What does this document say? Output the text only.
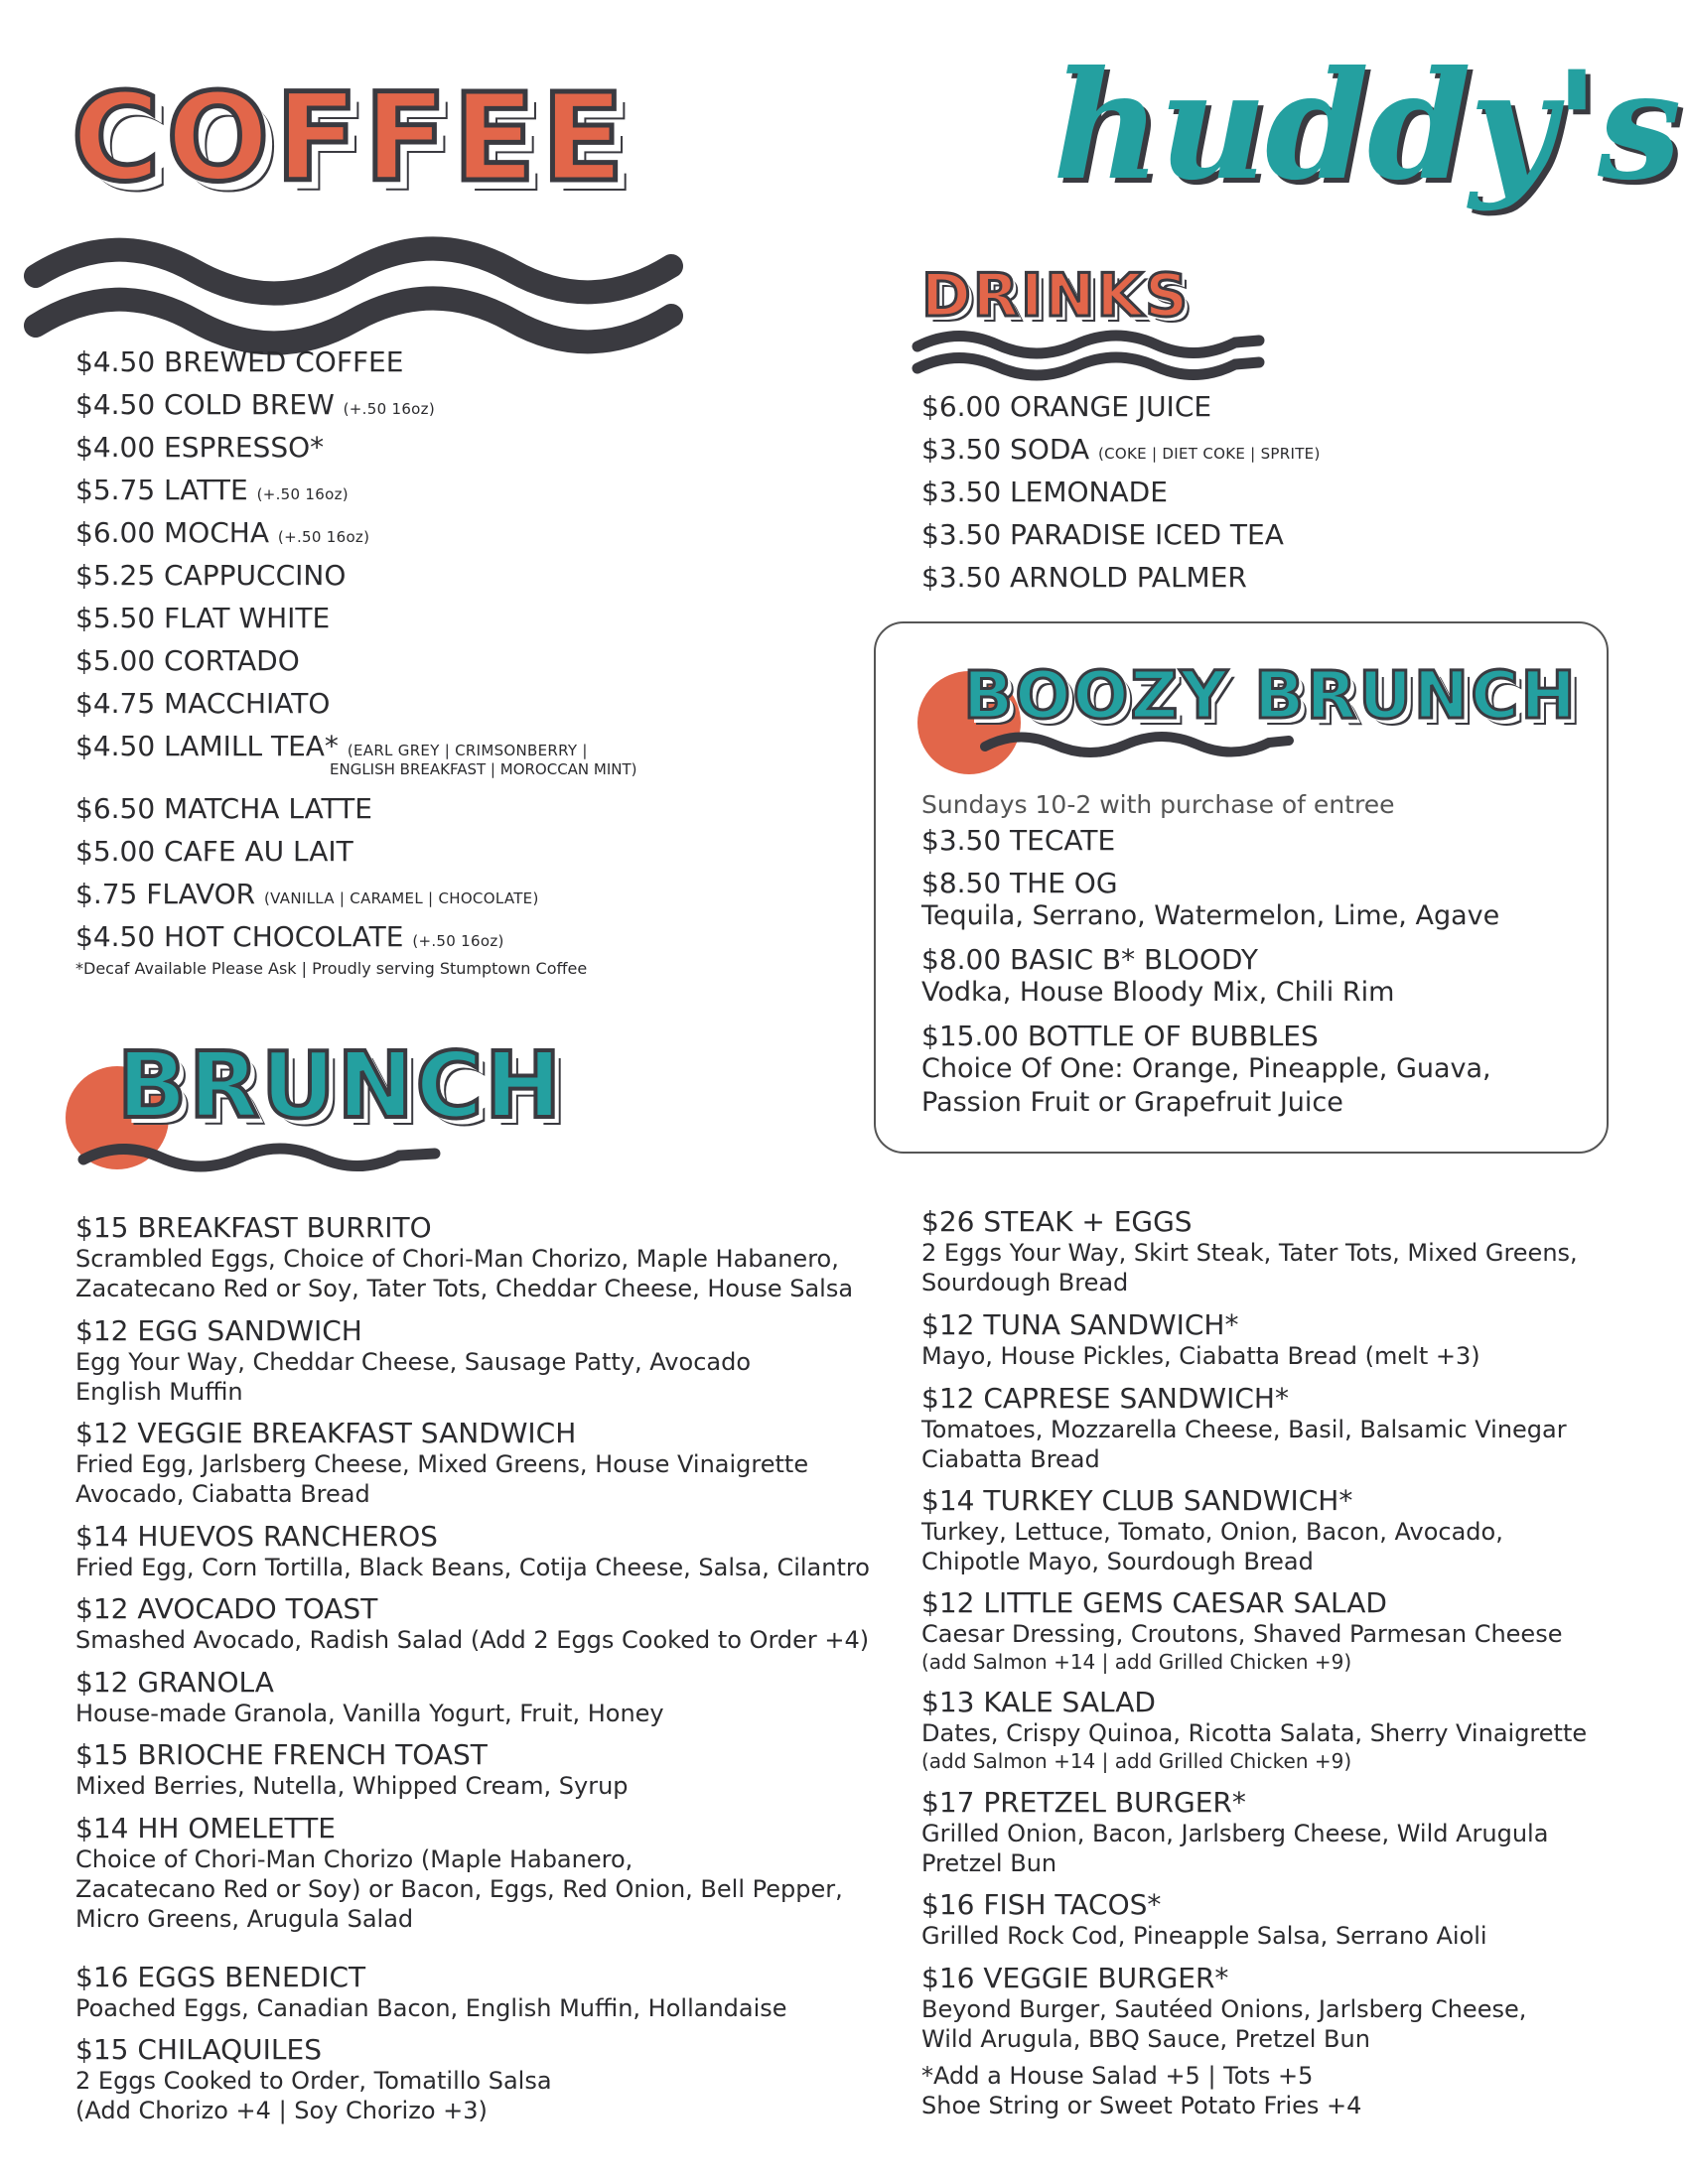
huddy's
COFFEE
$4.50 BREWED COFFEE
$4.50 COLD BREW (+.50 16oz)
$4.00 ESPRESSO*
$5.75 LATTE (+.50 16oz)
$6.00 MOCHA (+.50 16oz)
$5.25 CAPPUCCINO
$5.50 FLAT WHITE
$5.00 CORTADO
$4.75 MACCHIATO
$4.50 LAMILL TEA* (EARL GREY | CRIMSONBERRY |
$6.50 MATCHA LATTE
$5.00 CAFE AU LAIT
$.75 FLAVOR (VANILLA | CARAMEL | CHOCOLATE)
$4.50 HOT CHOCOLATE (+.50 16oz)
ENGLISH BREAKFAST | MOROCCAN MINT)
*Decaf Available Please Ask | Proudly serving Stumptown Coffee
DRINKS
$6.00 ORANGE JUICE
$3.50 SODA (COKE | DIET COKE | SPRITE)
$3.50 LEMONADE
$3.50 PARADISE ICED TEA
$3.50 ARNOLD PALMER
BOOZY BRUNCH
Sundays 10-2 with purchase of entree
$3.50 TECATE
$8.50 THE OG
Tequila, Serrano, Watermelon, Lime, Agave
$8.00 BASIC B* BLOODY
Vodka, House Bloody Mix, Chili Rim
$15.00 BOTTLE OF BUBBLES
Choice Of One: Orange, Pineapple, Guava,
Passion Fruit or Grapefruit Juice
BRUNCH
$15 BREAKFAST BURRITO
Scrambled Eggs, Choice of Chori-Man Chorizo, Maple Habanero,
Zacatecano Red or Soy, Tater Tots, Cheddar Cheese, House Salsa
$12 EGG SANDWICH
Egg Your Way, Cheddar Cheese, Sausage Patty, Avocado
English Muffin
$12 VEGGIE BREAKFAST SANDWICH
Fried Egg, Jarlsberg Cheese, Mixed Greens, House Vinaigrette
Avocado, Ciabatta Bread
$14 HUEVOS RANCHEROS
Fried Egg, Corn Tortilla, Black Beans, Cotija Cheese, Salsa, Cilantro
$12 AVOCADO TOAST
Smashed Avocado, Radish Salad (Add 2 Eggs Cooked to Order +4)
$12 GRANOLA
House-made Granola, Vanilla Yogurt, Fruit, Honey
$15 BRIOCHE FRENCH TOAST
Mixed Berries, Nutella, Whipped Cream, Syrup
$14 HH OMELETTE
Choice of Chori-Man Chorizo (Maple Habanero,
Zacatecano Red or Soy) or Bacon, Eggs, Red Onion, Bell Pepper,
Micro Greens, Arugula Salad
$16 EGGS BENEDICT
Poached Eggs, Canadian Bacon, English Muffin, Hollandaise
$15 CHILAQUILES
2 Eggs Cooked to Order, Tomatillo Salsa
(Add Chorizo +4 | Soy Chorizo +3)
$26 STEAK + EGGS
2 Eggs Your Way, Skirt Steak, Tater Tots, Mixed Greens,
Sourdough Bread
$12 TUNA SANDWICH*
Mayo, House Pickles, Ciabatta Bread (melt +3)
$12 CAPRESE SANDWICH*
Tomatoes, Mozzarella Cheese, Basil, Balsamic Vinegar
Ciabatta Bread
$14 TURKEY CLUB SANDWICH*
Turkey, Lettuce, Tomato, Onion, Bacon, Avocado,
Chipotle Mayo, Sourdough Bread
$12 LITTLE GEMS CAESAR SALAD
Caesar Dressing, Croutons, Shaved Parmesan Cheese
(add Salmon +14 | add Grilled Chicken +9)
$13 KALE SALAD
Dates, Crispy Quinoa, Ricotta Salata, Sherry Vinaigrette
(add Salmon +14 | add Grilled Chicken +9)
$17 PRETZEL BURGER*
Grilled Onion, Bacon, Jarlsberg Cheese, Wild Arugula
Pretzel Bun
$16 FISH TACOS*
Grilled Rock Cod, Pineapple Salsa, Serrano Aioli
$16 VEGGIE BURGER*
Beyond Burger, Sautéed Onions, Jarlsberg Cheese,
Wild Arugula, BBQ Sauce, Pretzel Bun
*Add a House Salad +5 | Tots +5
Shoe String or Sweet Potato Fries +4
